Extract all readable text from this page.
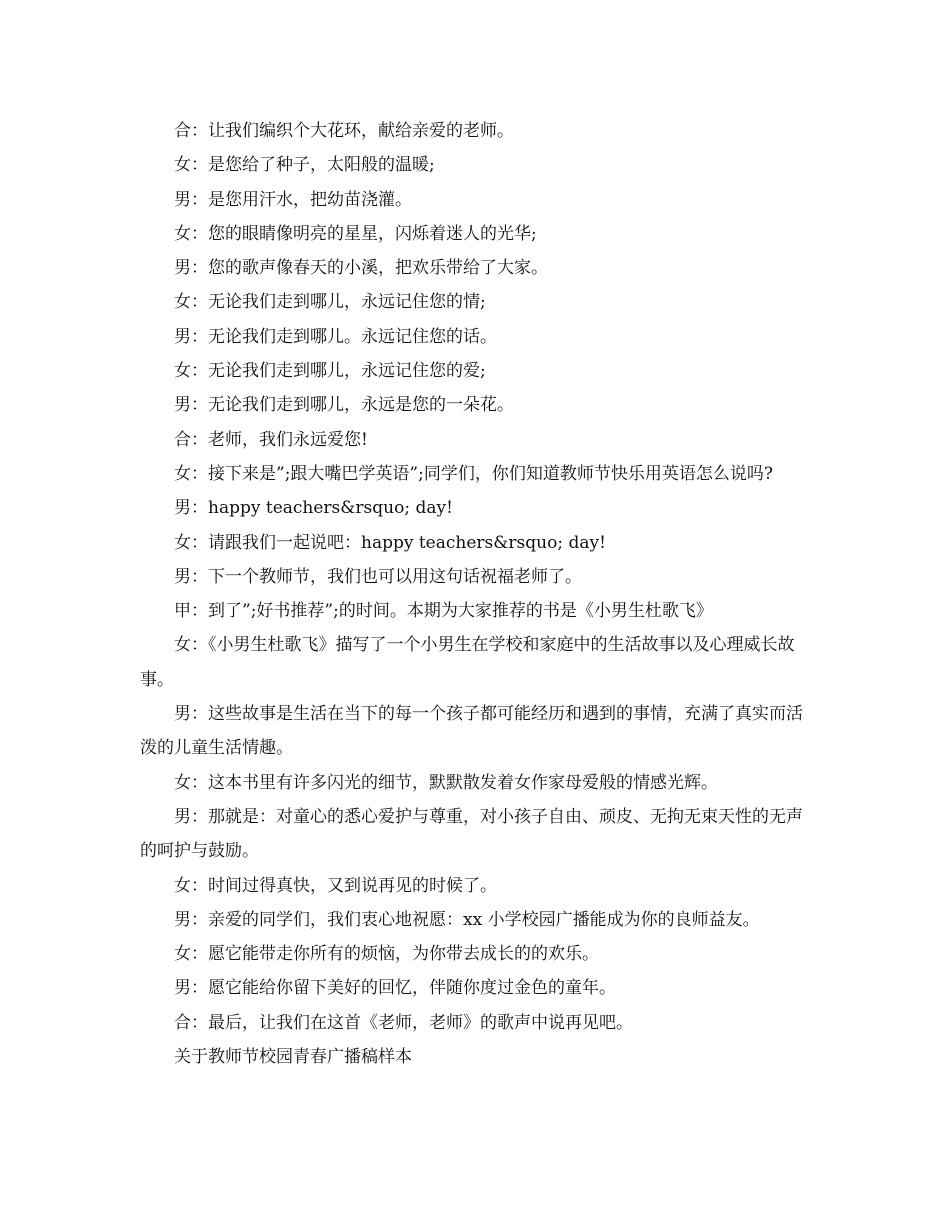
合：让我们编织个大花环，献给亲爱的老师。

女：是您给了种子，太阳般的温暖;

男：是您用汗水，把幼苗浇灌。

女：您的眼睛像明亮的星星，闪烁着迷人的光华;

男：您的歌声像春天的小溪，把欢乐带给了大家。

女：无论我们走到哪儿，永远记住您的情;

男：无论我们走到哪儿。永远记住您的话。

女：无论我们走到哪儿，永远记住您的爱;

男：无论我们走到哪儿，永远是您的一朵花。

合：老师，我们永远爱您!

女：接下来是”;跟大嘴巴学英语”;同学们，你们知道教师节快乐用英语怎么说吗?

男：happy teachers&rsquo; day!

女：请跟我们一起说吧：happy teachers&rsquo; day!

男：下一个教师节，我们也可以用这句话祝福老师了。

甲：到了”;好书推荐”;的时间。本期为大家推荐的书是《小男生杜歌飞》

女：《小男生杜歌飞》描写了一个小男生在学校和家庭中的生活故事以及心理威长故事。

男：这些故事是生活在当下的每一个孩子都可能经历和遇到的事情，充满了真实而活泼的儿童生活情趣。

女：这本书里有许多闪光的细节，默默散发着女作家母爱般的情感光辉。

男：那就是：对童心的悉心爱护与尊重，对小孩子自由、顽皮、无拘无束天性的无声的呵护与鼓励。

女：时间过得真快，又到说再见的时候了。

男：亲爱的同学们，我们衷心地祝愿：xx 小学校园广播能成为你的良师益友。

女：愿它能带走你所有的烦恼，为你带去成长的的欢乐。

男：愿它能给你留下美好的回忆，伴随你度过金色的童年。

合：最后，让我们在这首《老师，老师》的歌声中说再见吧。

关于教师节校园青春广播稿样本
